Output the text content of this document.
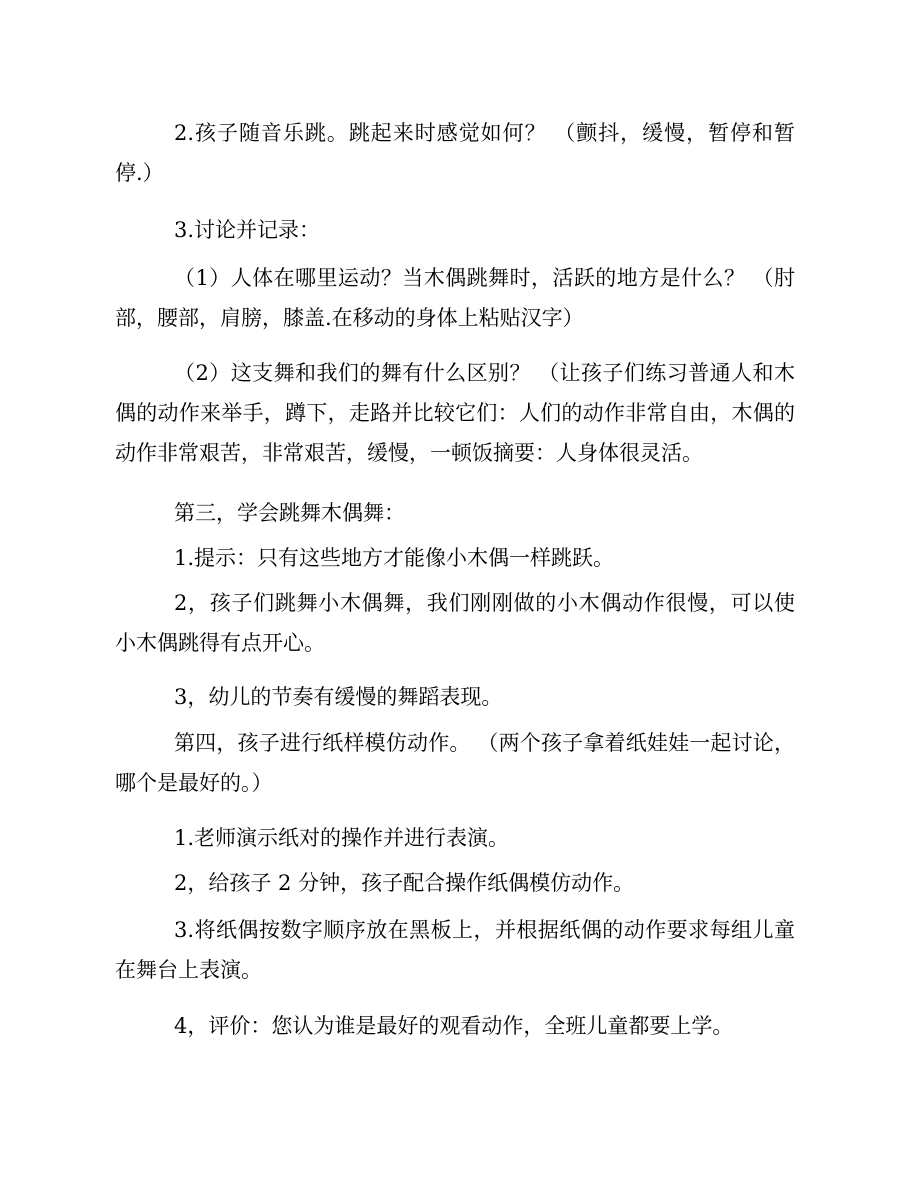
2.孩子随音乐跳。跳起来时感觉如何？ （颤抖，缓慢，暂停和暂停.）

3.讨论并记录：

（1）人体在哪里运动？当木偶跳舞时，活跃的地方是什么？ （肘部，腰部，肩膀，膝盖.在移动的身体上粘贴汉字）

（2）这支舞和我们的舞有什么区别？ （让孩子们练习普通人和木偶的动作来举手，蹲下，走路并比较它们：人们的动作非常自由，木偶的动作非常艰苦，非常艰苦，缓慢，一顿饭摘要：人身体很灵活。

第三，学会跳舞木偶舞：

1.提示：只有这些地方才能像小木偶一样跳跃。

2，孩子们跳舞小木偶舞，我们刚刚做的小木偶动作很慢，可以使小木偶跳得有点开心。

3，幼儿的节奏有缓慢的舞蹈表现。

第四，孩子进行纸样模仿动作。 （两个孩子拿着纸娃娃一起讨论，哪个是最好的。）

1.老师演示纸对的操作并进行表演。

2，给孩子 2 分钟，孩子配合操作纸偶模仿动作。

3.将纸偶按数字顺序放在黑板上，并根据纸偶的动作要求每组儿童在舞台上表演。

4，评价：您认为谁是最好的观看动作，全班儿童都要上学。
